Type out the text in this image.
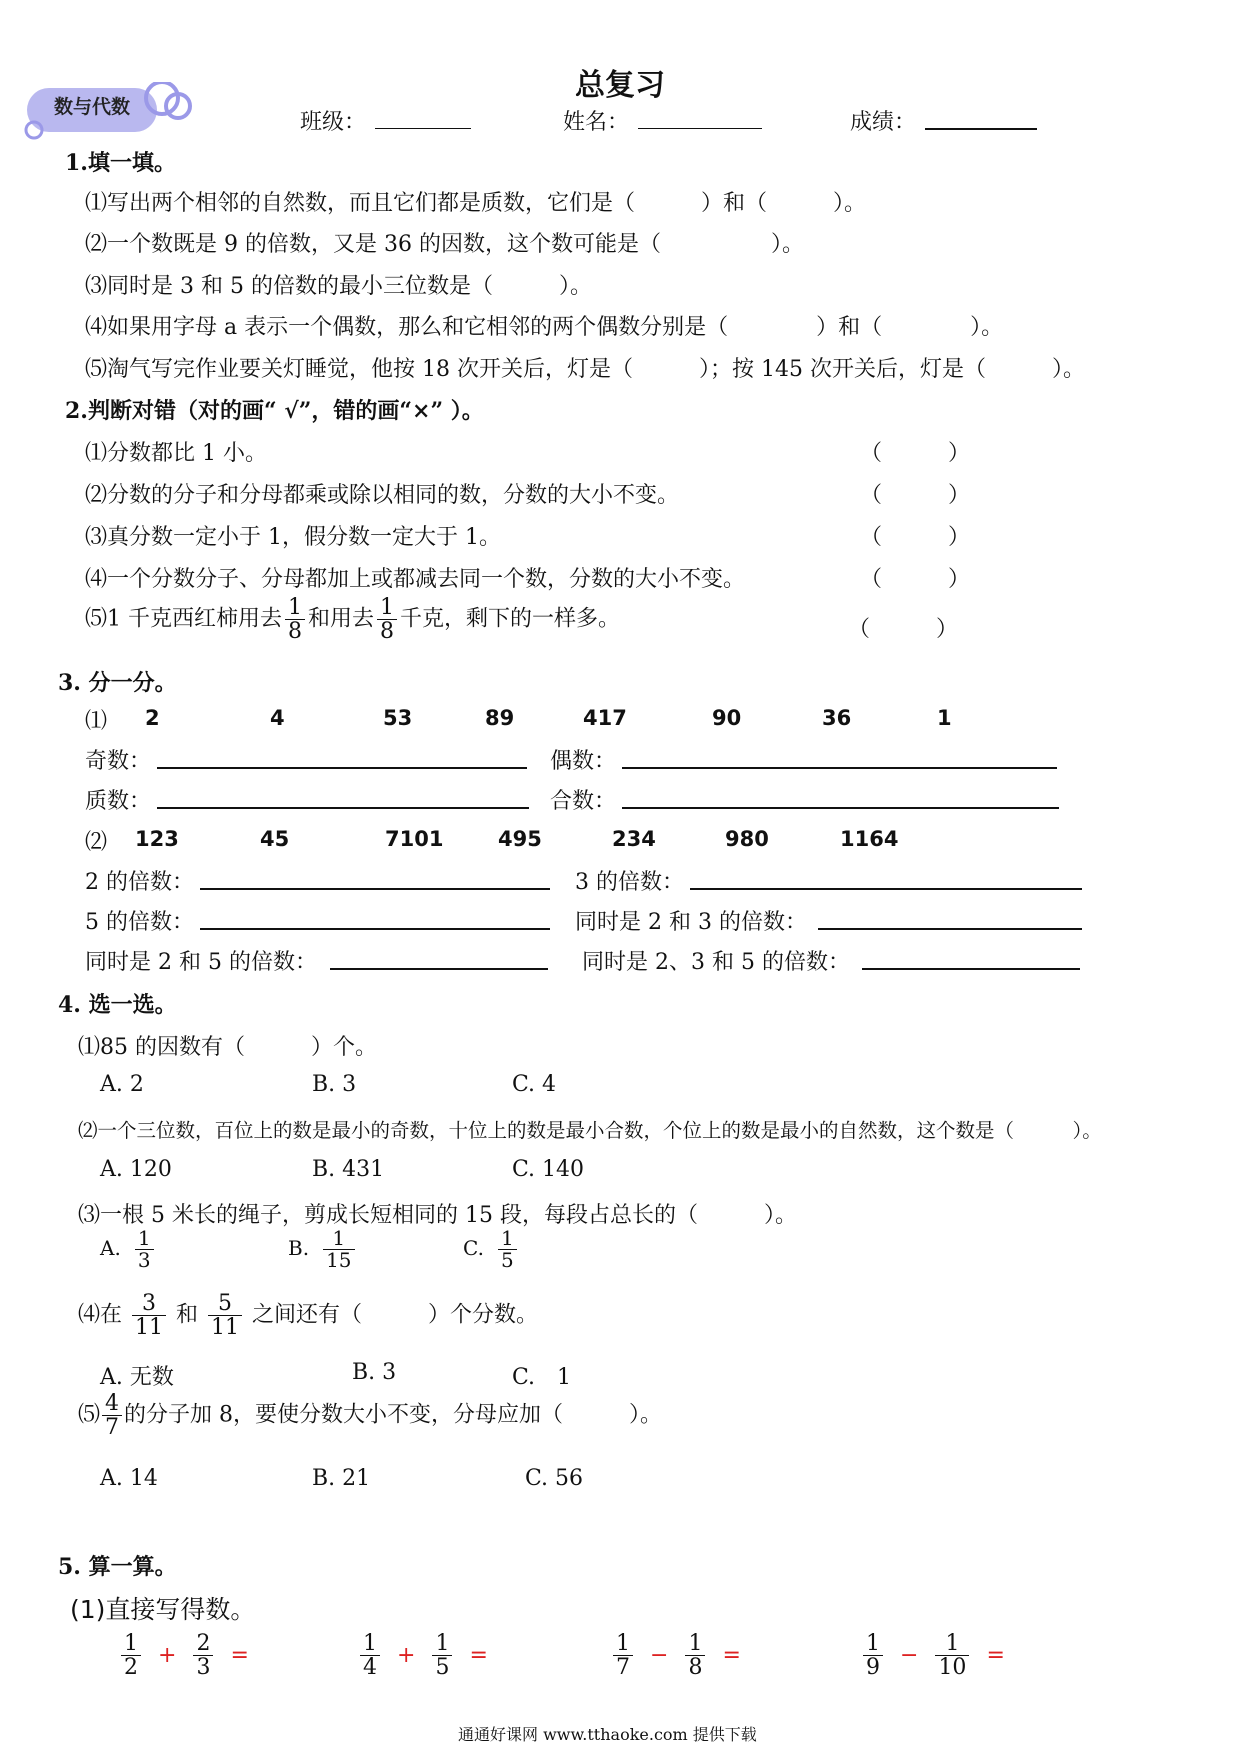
总复习
数与代数
班级：	姓名：	成绩：
1.填一填。
⑴写出两个相邻的自然数，而且它们都是质数，它们是（　　　）和（　　　）。
⑵一个数既是 9 的倍数，又是 36 的因数，这个数可能是（　　　　　）。
⑶同时是 3 和 5 的倍数的最小三位数是（　　　）。
⑷如果用字母 a 表示一个偶数，那么和它相邻的两个偶数分别是（　　　　）和（　　　　）。
⑸淘气写完作业要关灯睡觉，他按 18 次开关后，灯是（　　　）；按 145 次开关后，灯是（　　　）。
2.判断对错（对的画“ √”，错的画“×” ）。
⑴分数都比 1 小。	（　　　）
⑵分数的分子和分母都乘或除以相同的数，分数的大小不变。	（　　　）
⑶真分数一定小于 1，假分数一定大于 1。	（　　　）
⑷一个分数分子、分母都加上或都减去同一个数，分数的大小不变。	（　　　）
⑸1 千克西红柿用去 $\frac{1}{8}$ 和用去 $\frac{1}{8}$ 千克，剩下的一样多。	（　　　）
3. 分一分。
⑴ 2	4	53	89	417	90	36	1
奇数：	偶数：
质数：	合数：
⑵ 123	45	7101	495	234	980	1164
2 的倍数：	3 的倍数：
5 的倍数：	同时是 2 和 3 的倍数：
同时是 2 和 5 的倍数：	同时是 2、3 和 5 的倍数：
4. 选一选。
⑴85 的因数有（　　　）个。
A. 2	B. 3	C. 4
⑵一个三位数，百位上的数是最小的奇数，十位上的数是最小合数，个位上的数是最小的自然数，这个数是（　　　）。
A. 120	B. 431	C. 140
⑶一根 5 米长的绳子，剪成长短相同的 15 段，每段占总长的（　　　）。
A. $\frac{1}{3}$	B. $\frac{1}{15}$	C. $\frac{1}{5}$
⑷在 $\frac{3}{11}$ 和 $\frac{5}{11}$ 之间还有（　　　）个分数。
A. 无数	B. 3	C.　1
⑸ $\frac{4}{7}$ 的分子加 8，要使分数大小不变，分母应加（　　　）。
A. 14	B. 21	C. 56
5. 算一算。
(1)直接写得数。
$\frac{1}{2} + \frac{2}{3}$ =	$\frac{1}{4} + \frac{1}{5}$ =	$\frac{1}{7} - \frac{1}{8}$ =	$\frac{1}{9} - \frac{1}{10}$ =
通通好课网 www.tthaoke.com 提供下载
